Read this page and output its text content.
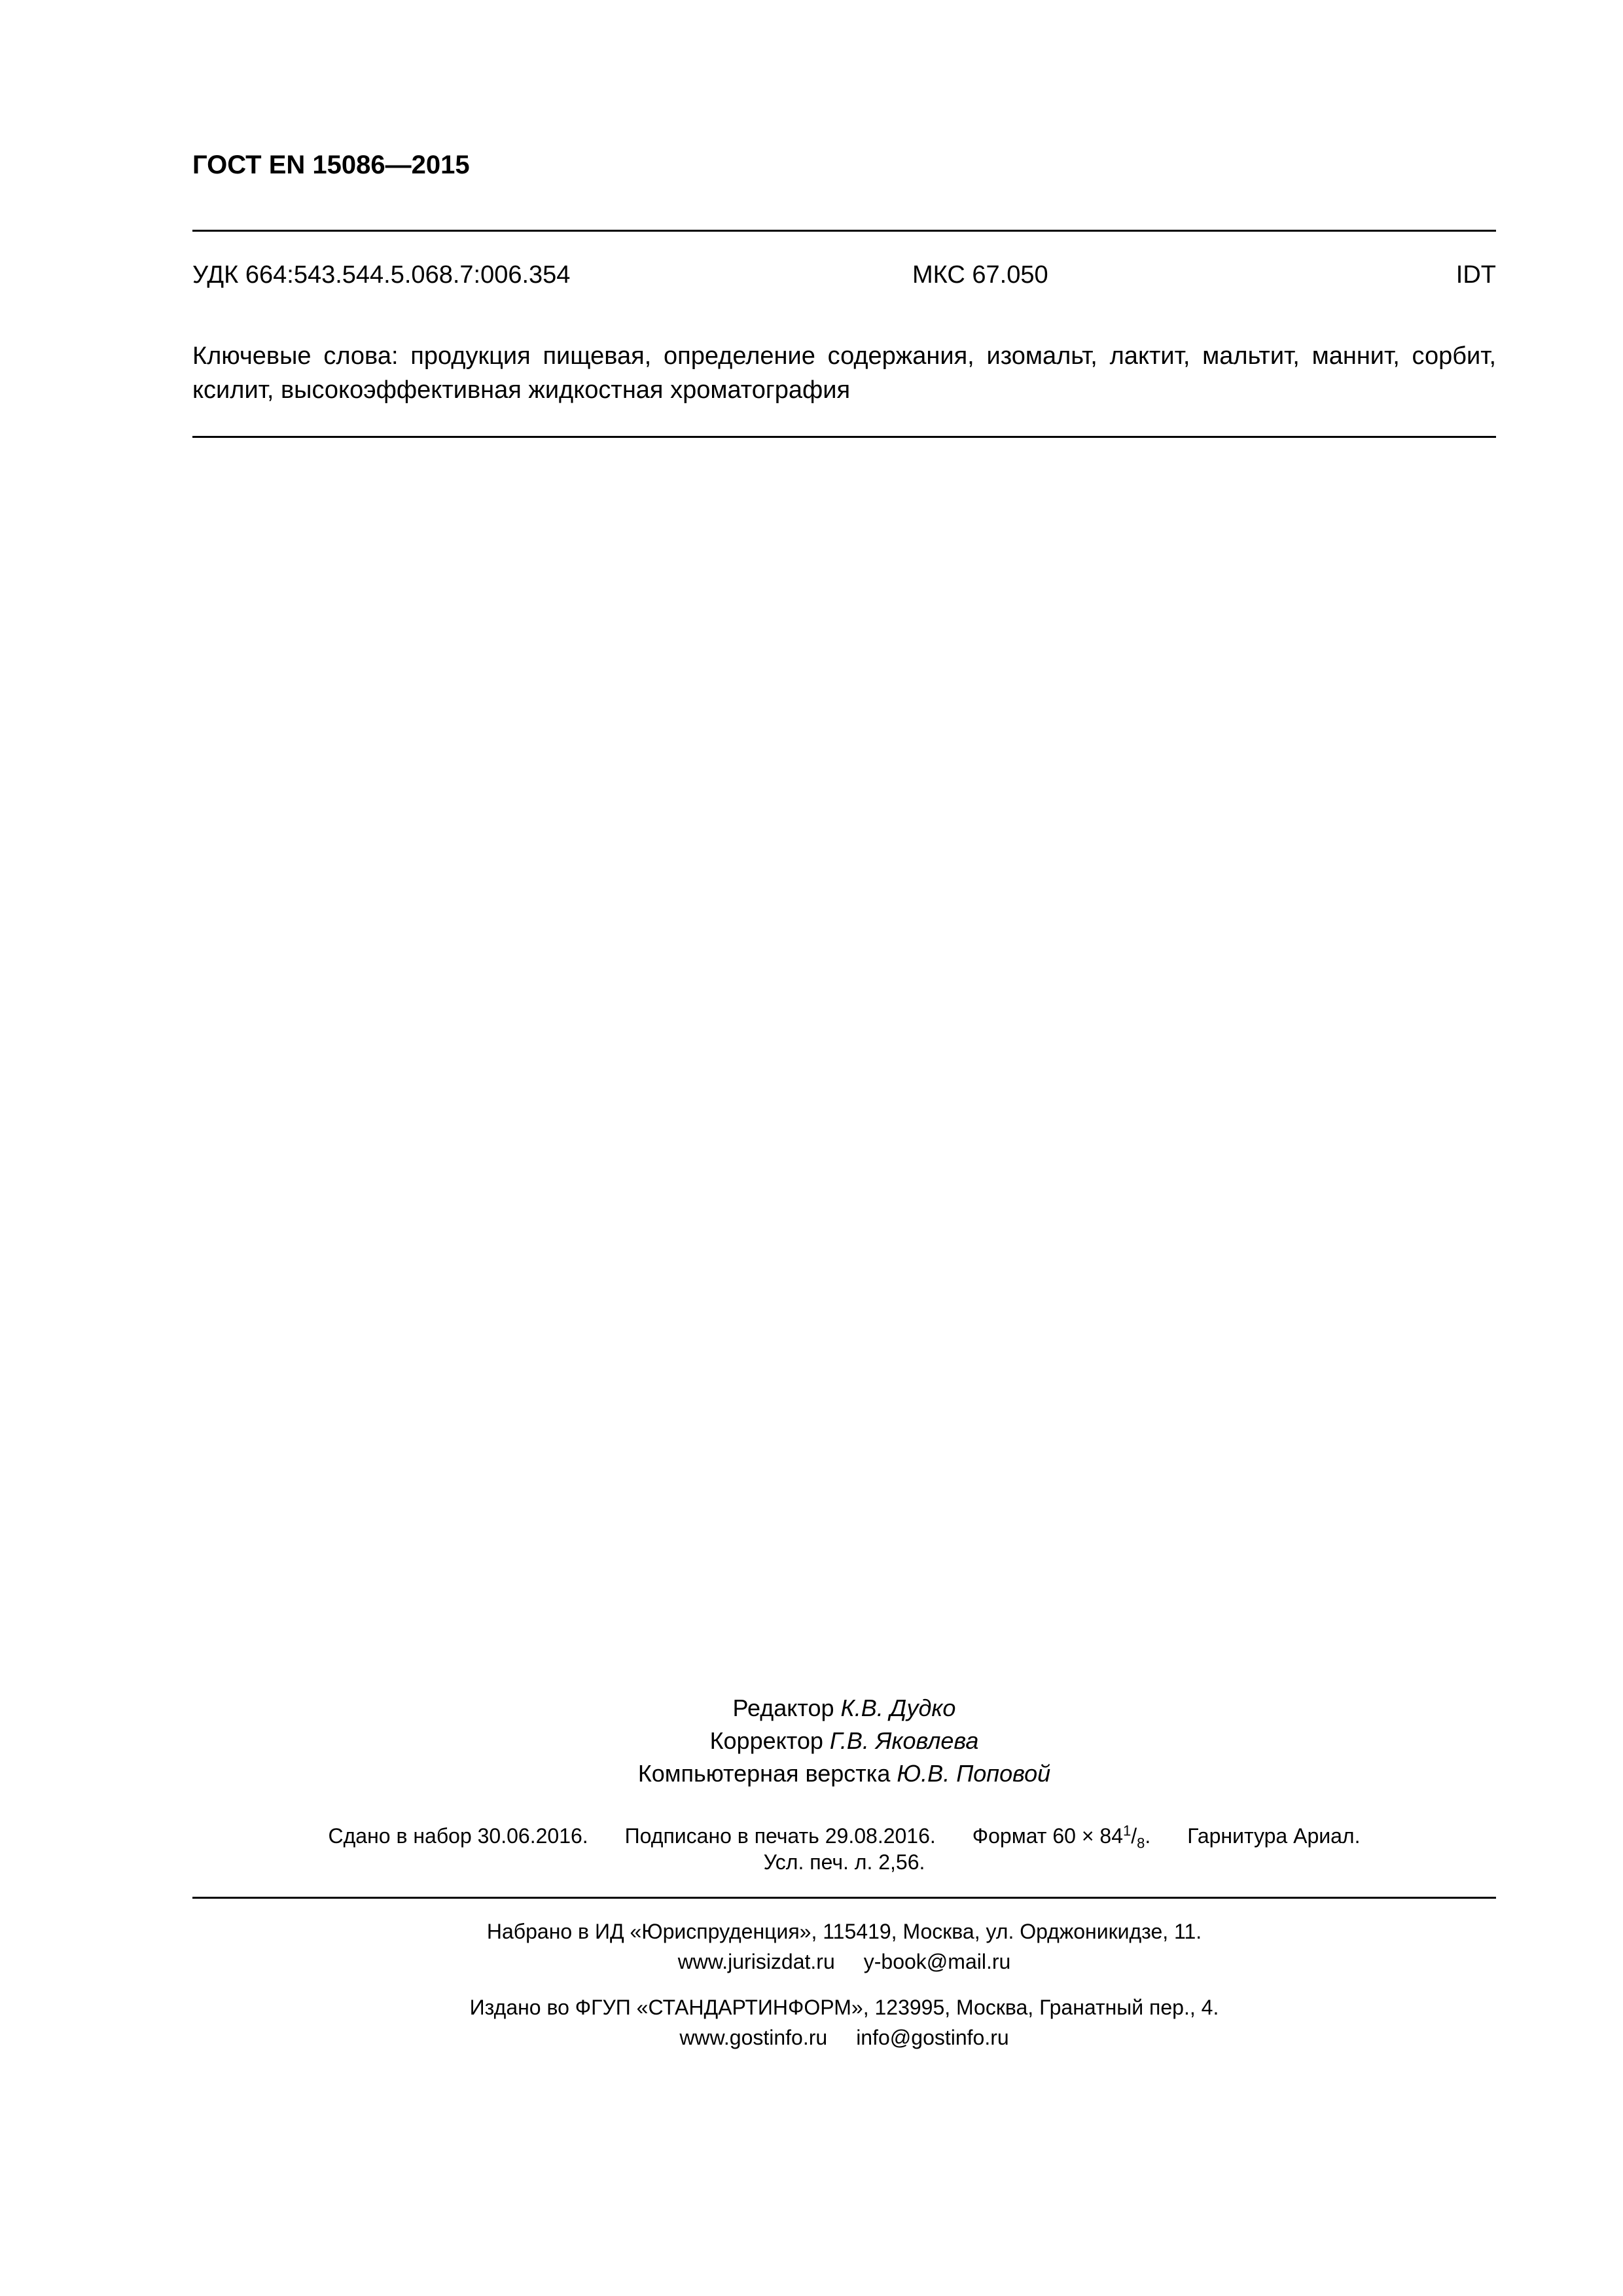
ГОСТ EN 15086—2015
УДК 664:543.544.5.068.7:006.354	МКС 67.050	IDT
Ключевые слова: продукция пищевая, определение содержания, изомальт, лактит, мальтит, маннит, сорбит, ксилит, высокоэффективная жидкостная хроматография
Редактор К.В. Дудко
Корректор Г.В. Яковлева
Компьютерная верстка Ю.В. Поповой
Сдано в набор 30.06.2016. Подписано в печать 29.08.2016. Формат $60 \times 84^1/_8$. Гарнитура Ариал.
Усл. печ. л. 2,56.
Набрано в ИД «Юриспруденция», 115419, Москва, ул. Орджоникидзе, 11.
www.jurisizdat.ru y-book@mail.ru
Издано во ФГУП «СТАНДАРТИНФОРМ», 123995, Москва, Гранатный пер., 4.
www.gostinfo.ru info@gostinfo.ru
